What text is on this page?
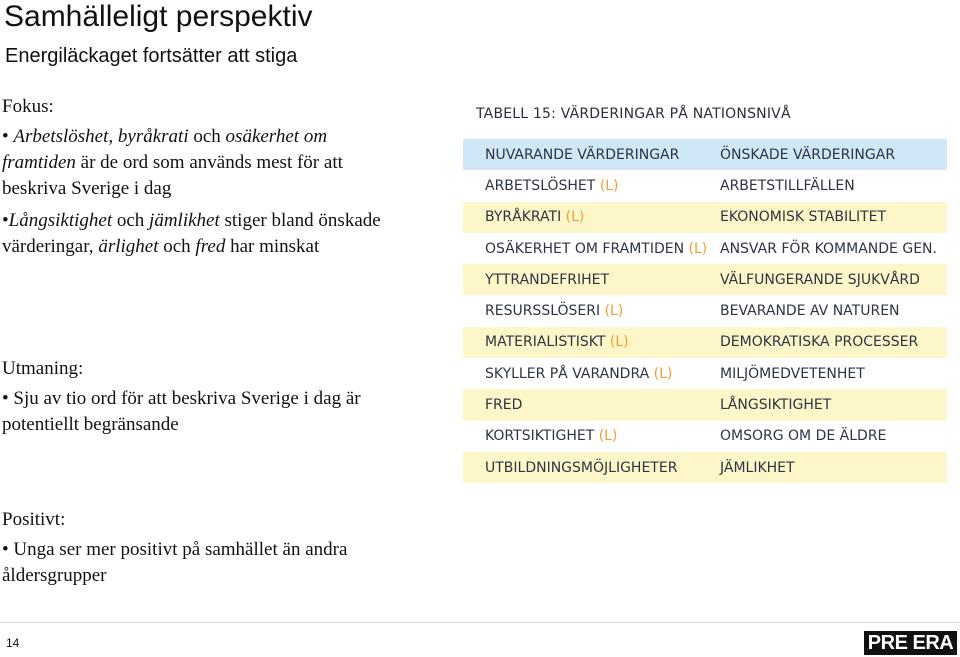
Samhälleligt perspektiv
Energiläckaget fortsätter att stiga

Fokus:

• Arbetslöshet, byråkrati och osäkerhet om framtiden är de ord som används mest för att beskriva Sverige i dag

•Långsiktighet och jämlikhet stiger bland önskade värderingar, ärlighet och fred har minskat

Utmaning:

• Sju av tio ord för att beskriva Sverige i dag är potentiellt begränsande

Positivt:

• Unga ser mer positivt på samhället än andra åldersgrupper

TABELL 15: VÄRDERINGAR PÅ NATIONSNIVÅ
NUVARANDE VÄRDERINGAR	ÖNSKADE VÄRDERINGAR
ARBETSLÖSHET (L)	ARBETSTILLFÄLLEN
BYRÅKRATI (L)	EKONOMISK STABILITET
OSÄKERHET OM FRAMTIDEN (L) ANSVAR FÖR KOMMANDE GEN.
YTTRANDEFRIHET	VÄLFUNGERANDE SJUKVÅRD
RESURSSLÖSERI (L)	BEVARANDE AV NATUREN
MATERIALISTISKT (L)	DEMOKRATISKA PROCESSER
SKYLLER PÅ VARANDRA (L)	MILJÖMEDVETENHET
FRED	LÅNGSIKTIGHET
KORTSIKTIGHET (L)	OMSORG OM DE ÄLDRE
UTBILDNINGSMÖJLIGHETER	JÄMLIKHET
14	PRE ERA
